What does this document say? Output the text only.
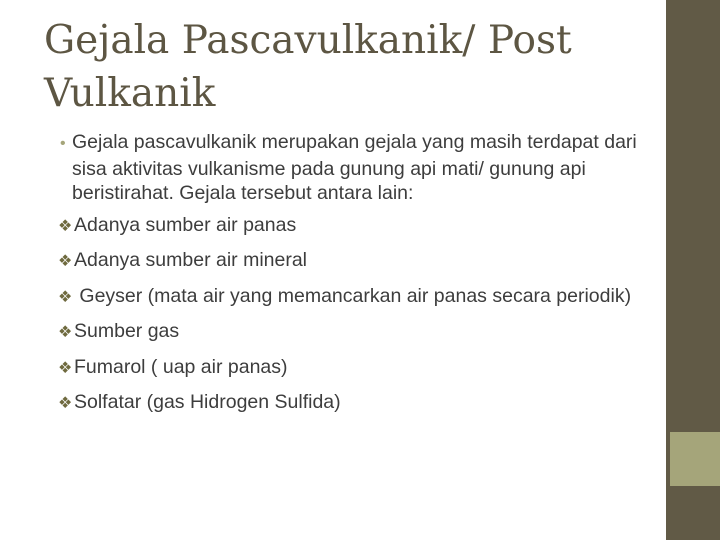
Gejala Pascavulkanik/ Post Vulkanik

• Gejala pascavulkanik merupakan gejala yang masih terdapat dari sisa aktivitas vulkanisme pada gunung api mati/ gunung api beristirahat. Gejala tersebut antara lain:

❖Adanya sumber air panas

❖Adanya sumber air mineral

❖ Geyser (mata air yang memancarkan air panas secara periodik)

❖Sumber gas

❖Fumarol ( uap air panas)

❖Solfatar (gas Hidrogen Sulfida)
